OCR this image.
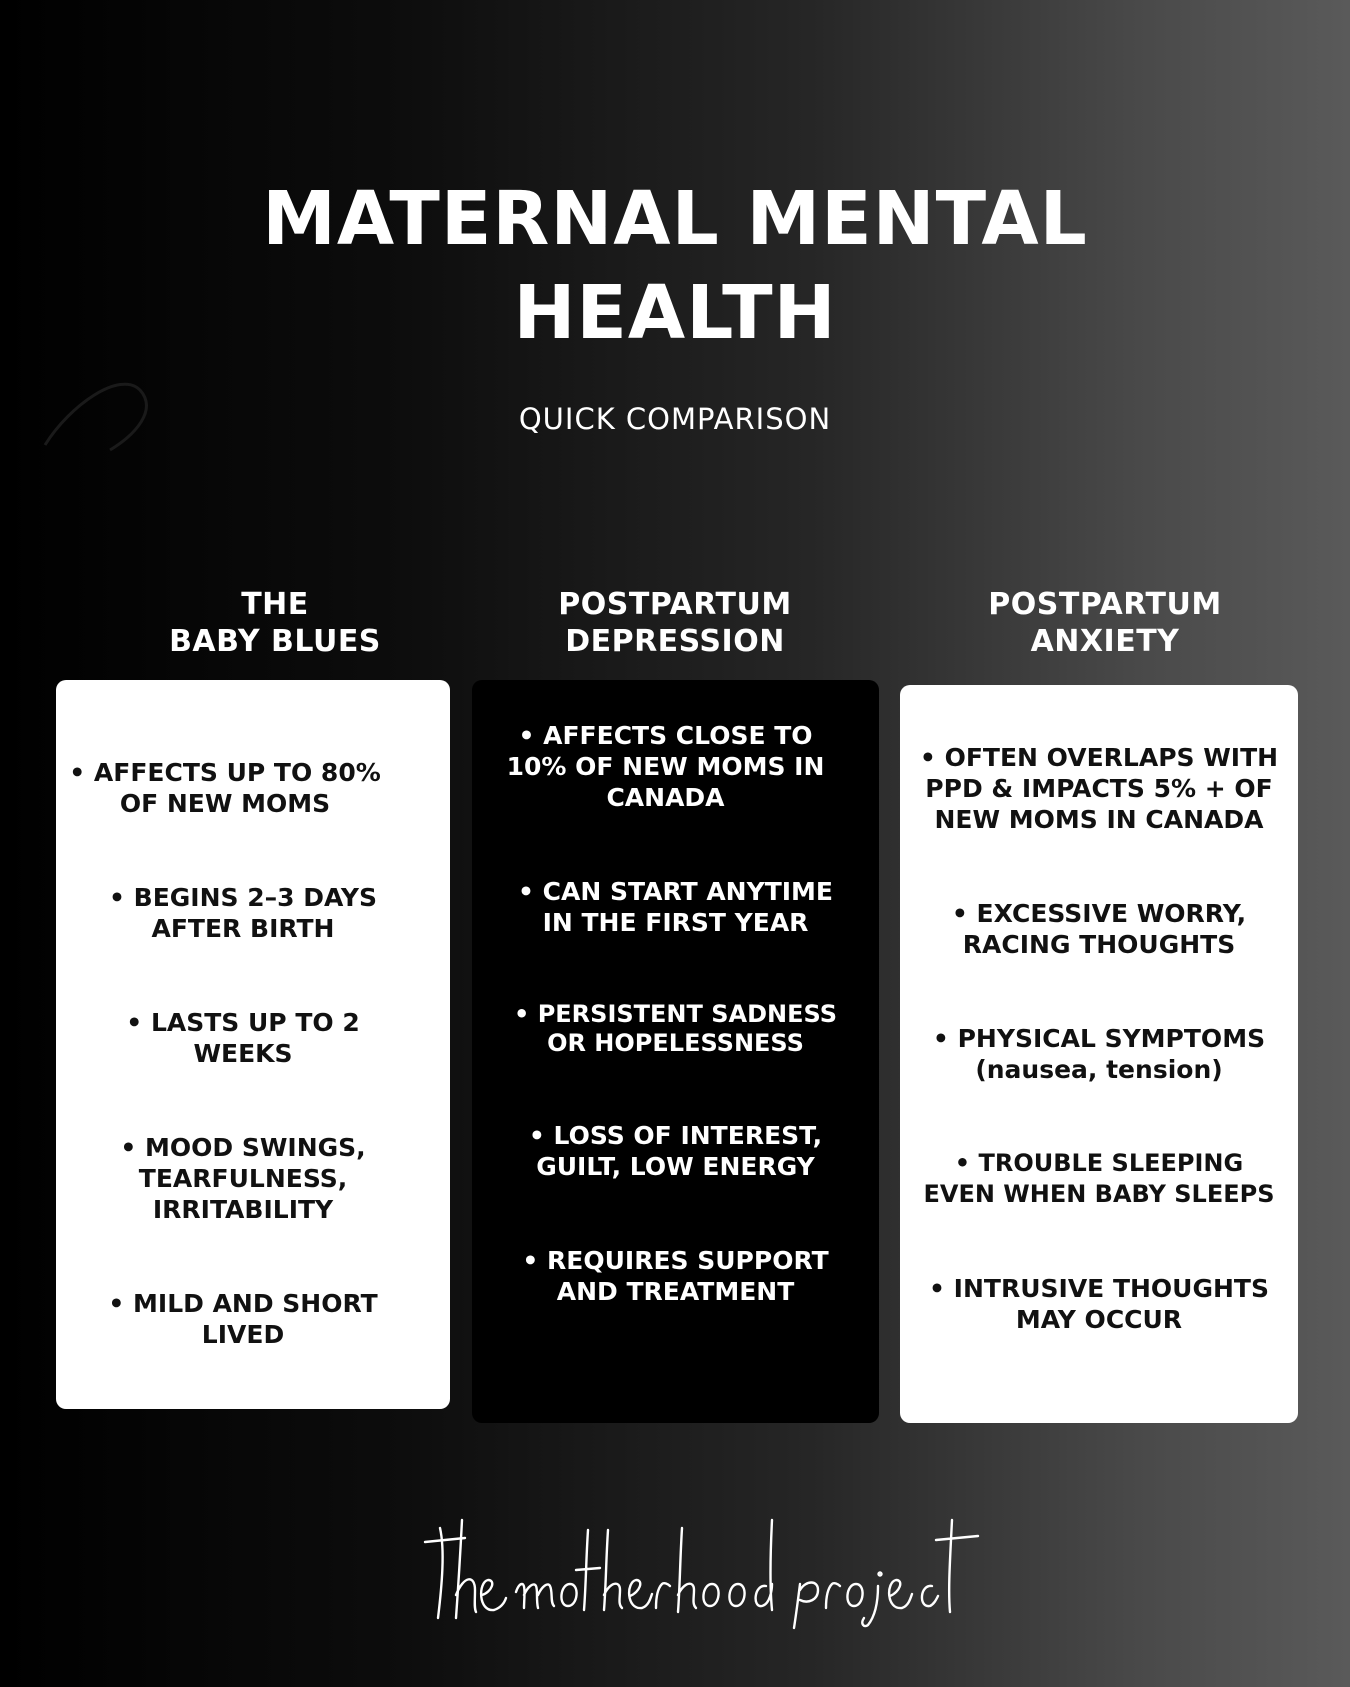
MATERNAL MENTAL
HEALTH
QUICK COMPARISON
THE
BABY BLUES
POSTPARTUM
DEPRESSION
POSTPARTUM
ANXIETY
• AFFECTS UP TO 80%
OF NEW MOMS
• BEGINS 2–3 DAYS
AFTER BIRTH
• LASTS UP TO 2
WEEKS
• MOOD SWINGS,
TEARFULNESS,
IRRITABILITY
• MILD AND SHORT
LIVED
• AFFECTS CLOSE TO
10% OF NEW MOMS IN
CANADA
• CAN START ANYTIME
IN THE FIRST YEAR
• PERSISTENT SADNESS
OR HOPELESSNESS
• LOSS OF INTEREST,
GUILT, LOW ENERGY
• REQUIRES SUPPORT
AND TREATMENT
• OFTEN OVERLAPS WITH
PPD & IMPACTS 5% + OF
NEW MOMS IN CANADA
• EXCESSIVE WORRY,
RACING THOUGHTS
• PHYSICAL SYMPTOMS
(nausea, tension)
• TROUBLE SLEEPING
EVEN WHEN BABY SLEEPS
• INTRUSIVE THOUGHTS
MAY OCCUR
